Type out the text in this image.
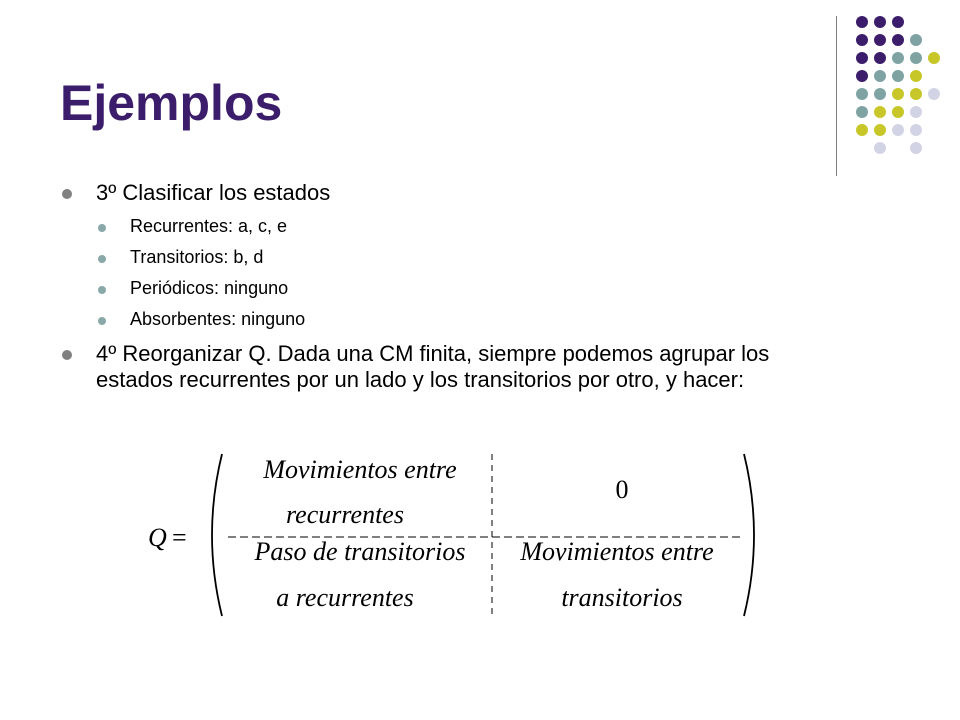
Ejemplos
3º Clasificar los estados
Recurrentes: a, c, e
Transitorios: b, d
Periódicos: ninguno
Absorbentes: ninguno
4º Reorganizar Q. Dada una CM finita, siempre podemos agrupar los estados recurrentes por un lado y los transitorios por otro, y hacer:
Q =
Movimientos entre
recurrentes
0
Paso de transitorios
a recurrentes
Movimientos entre
transitorios
